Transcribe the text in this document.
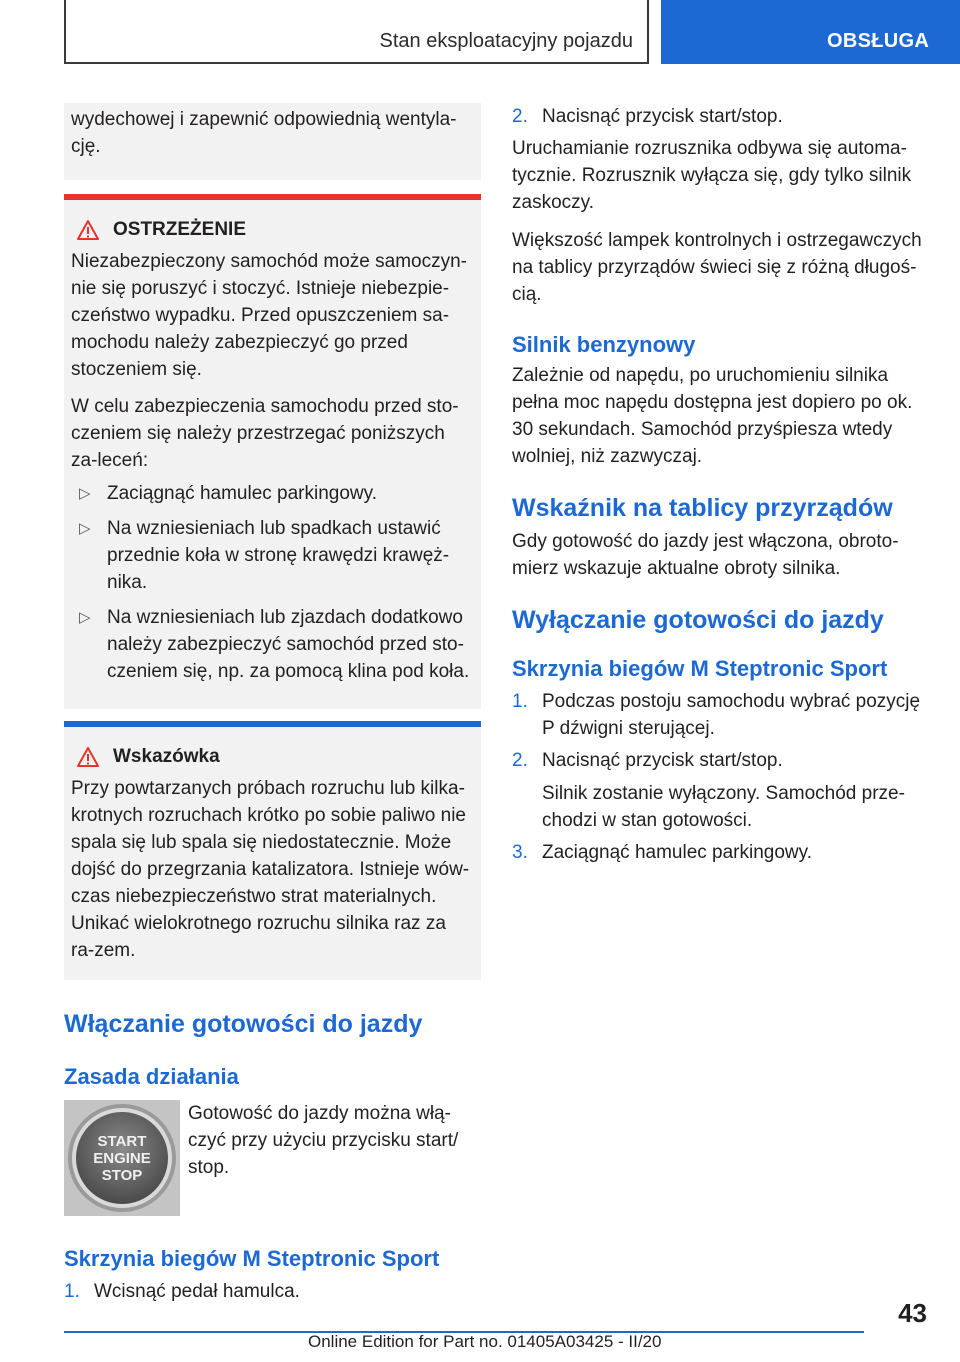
Stan eksploatacyjny pojazdu	OBSŁUGA

wydechowej i zapewnić odpowiednią wentyla-cję.

OSTRZEŻENIE

Niezabezpieczony samochód może samoczyn-nie się poruszyć i stoczyć. Istnieje niebezpie-czeństwo wypadku. Przed opuszczeniem sa-mochodu należy zabezpieczyć go przed stoczeniem się.

W celu zabezpieczenia samochodu przed sto-czeniem się należy przestrzegać poniższych za-leceń:

▷ Zaciągnąć hamulec parkingowy.
▷ Na wzniesieniach lub spadkach ustawić przednie koła w stronę krawędzi krawęż-nika.
▷ Na wzniesieniach lub zjazdach dodatkowo należy zabezpieczyć samochód przed sto-czeniem się, np. za pomocą klina pod koła.
Wskazówka

Przy powtarzanych próbach rozruchu lub kilka-krotnych rozruchach krótko po sobie paliwo nie spala się lub spala się niedostatecznie. Może dojść do przegrzania katalizatora. Istnieje wów-czas niebezpieczeństwo strat materialnych. Unikać wielokrotnego rozruchu silnika raz za ra-zem.

Włączanie gotowości do jazdy
Zasada działania
START
ENGINE
STOP

Gotowość do jazdy można włą-czyć przy użyciu przycisku start/ stop.

Skrzynia biegów M Steptronic Sport
1. Wcisnąć pedał hamulca.
2. Nacisnąć przycisk start/stop.

Uruchamianie rozrusznika odbywa się automa-tycznie. Rozrusznik wyłącza się, gdy tylko silnik zaskoczy.

Większość lampek kontrolnych i ostrzegawczych na tablicy przyrządów świeci się z różną długoś-cią.

Silnik benzynowy

Zależnie od napędu, po uruchomieniu silnika pełna moc napędu dostępna jest dopiero po ok. 30 sekundach. Samochód przyśpiesza wtedy wolniej, niż zazwyczaj.

Wskaźnik na tablicy przyrządów

Gdy gotowość do jazdy jest włączona, obroto-mierz wskazuje aktualne obroty silnika.

Wyłączanie gotowości do jazdy
Skrzynia biegów M Steptronic Sport
1. Podczas postoju samochodu wybrać pozycję P dźwigni sterującej.
2. Nacisnąć przycisk start/stop.
Silnik zostanie wyłączony. Samochód prze-chodzi w stan gotowości.
3. Zaciągnąć hamulec parkingowy.
43
Online Edition for Part no. 01405A03425 - II/20
